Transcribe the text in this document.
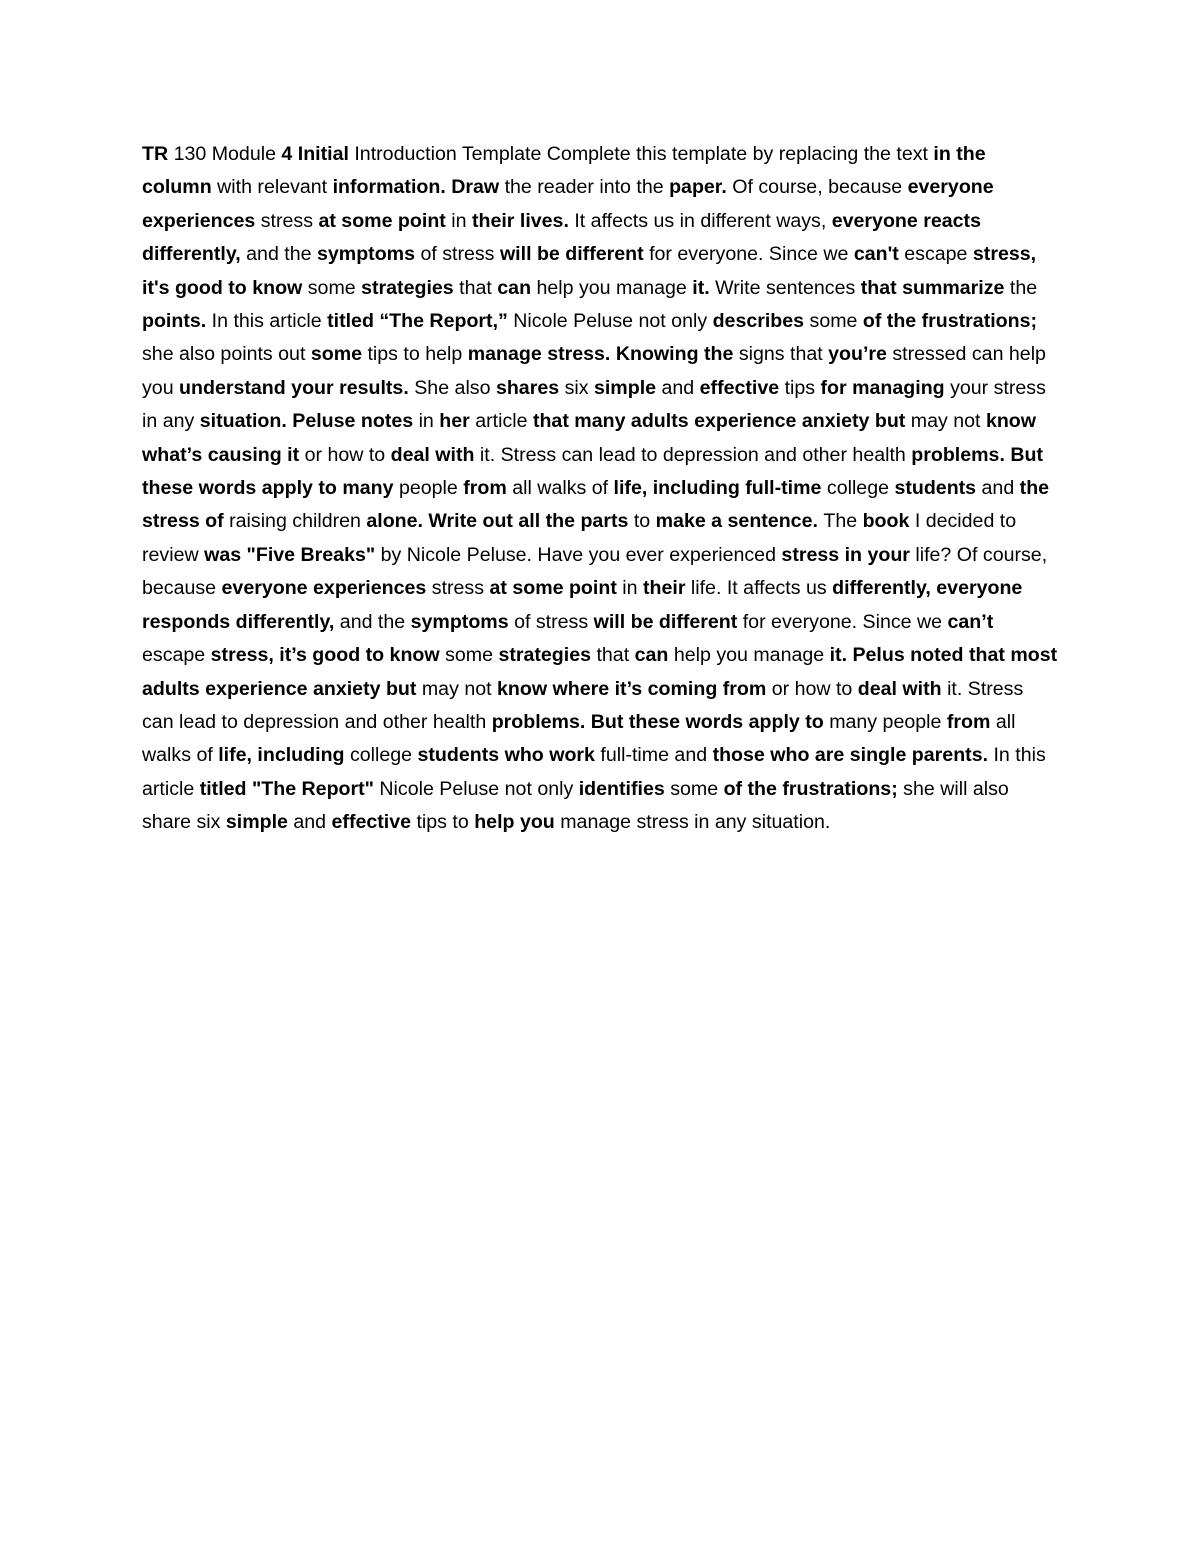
TR 130 Module 4 Initial Introduction Template Complete this template by replacing the text in the column with relevant information. Draw the reader into the paper. Of course, because everyone experiences stress at some point in their lives. It affects us in different ways, everyone reacts differently, and the symptoms of stress will be different for everyone. Since we can't escape stress, it's good to know some strategies that can help you manage it. Write sentences that summarize the points. In this article titled “The Report,” Nicole Peluse not only describes some of the frustrations; she also points out some tips to help manage stress. Knowing the signs that you’re stressed can help you understand your results. She also shares six simple and effective tips for managing your stress in any situation. Peluse notes in her article that many adults experience anxiety but may not know what’s causing it or how to deal with it. Stress can lead to depression and other health problems. But these words apply to many people from all walks of life, including full-time college students and the stress of raising children alone. Write out all the parts to make a sentence. The book I decided to review was "Five Breaks" by Nicole Peluse. Have you ever experienced stress in your life? Of course, because everyone experiences stress at some point in their life. It affects us differently, everyone responds differently, and the symptoms of stress will be different for everyone. Since we can’t escape stress, it’s good to know some strategies that can help you manage it. Pelus noted that most adults experience anxiety but may not know where it’s coming from or how to deal with it. Stress can lead to depression and other health problems. But these words apply to many people from all walks of life, including college students who work full-time and those who are single parents. In this article titled "The Report" Nicole Peluse not only identifies some of the frustrations; she will also share six simple and effective tips to help you manage stress in any situation.
